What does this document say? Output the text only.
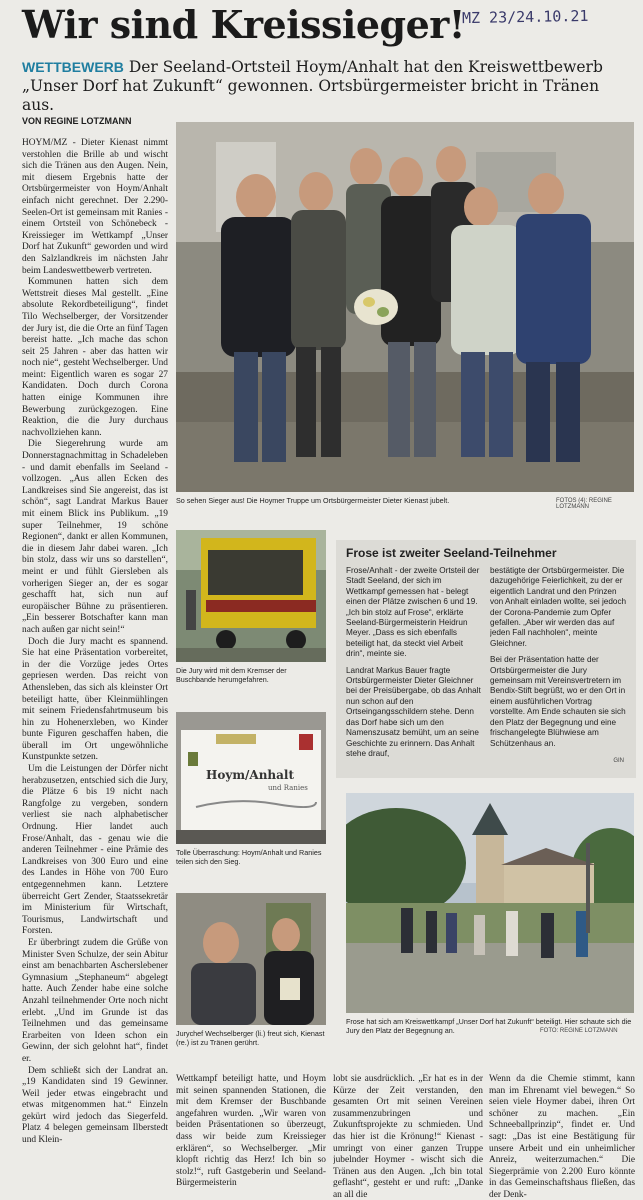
Wir sind Kreissieger!
MZ 23/24.10.21
WETTBEWERB Der Seeland-Ortsteil Hoym/Anhalt hat den Kreiswettbewerb „Unser Dorf hat Zukunft“ gewonnen. Ortsbürgermeister bricht in Tränen aus.
VON REGINE LOTZMANN

HOYM/MZ - Dieter Kienast nimmt verstohlen die Brille ab und wischt sich die Tränen aus den Augen. Nein, mit diesem Ergebnis hatte der Ortsbürgermeister von Hoym/Anhalt einfach nicht gerechnet. Der 2.290-Seelen-Ort ist gemeinsam mit Ranies - einem Ortsteil von Schönebeck - Kreissieger im Wettkampf „Unser Dorf hat Zukunft“ geworden und wird den Salzlandkreis im nächsten Jahr beim Landeswettbewerb vertreten.

Kommunen hatten sich dem Wettstreit dieses Mal gestellt. „Eine absolute Rekordbeteiligung“, findet Tilo Wechselberger, der Vorsitzender der Jury ist, die die Orte an fünf Tagen bereist hatte. „Ich mache das schon seit 25 Jahren - aber das hatten wir noch nie“, gesteht Wechselberger. Und meint: Eigentlich waren es sogar 27 Kandidaten. Doch durch Corona hatten einige Kommunen ihre Bewerbung zurückgezogen. Eine Reaktion, die die Jury durchaus nachvollziehen kann.

Die Siegerehrung wurde am Donnerstagnachmittag in Schadeleben - und damit ebenfalls im Seeland - vollzogen. „Aus allen Ecken des Landkreises sind Sie angereist, das ist schön“, sagt Landrat Markus Bauer mit einem Blick ins Publikum. „19 super Teilnehmer, 19 schöne Regionen“, dankt er allen Kommunen, die in diesem Jahr dabei waren. „Ich bin stolz, dass wir uns so darstellen“, meint er und fühlt Giersleben als vorherigen Sieger an, der es sogar geschafft hat, sich nun auf europäischer Bühne zu präsentieren. „Ein besserer Botschafter kann man nach außen gar nicht sein!“

Doch die Jury macht es spannend. Sie hat eine Präsentation vorbereitet, in der die Vorzüge jedes Ortes gepriesen werden. Das reicht von Athensleben, das sich als kleinster Ort beteiligt hatte, über Kleinmühlingen mit seinem Friedensfahrtmuseum bis hin zu Hohenerxleben, wo Kinder bunte Figuren geschaffen haben, die überall im Ort ungewöhnliche Kunstpunkte setzen.

Um die Leistungen der Dörfer nicht herabzusetzen, entschied sich die Jury, die Plätze 6 bis 19 nicht nach Rangfolge zu vergeben, sondern verliest sie nach alphabetischer Ordnung. Hier landet auch Frose/Anhalt, das - genau wie die anderen Teilnehmer - eine Prämie des Landkreises von 300 Euro und eine des Landes in Höhe von 700 Euro entgegennehmen kann. Letztere überreicht Gert Zender, Staatssekretär im Ministerium für Wirtschaft, Tourismus, Landwirtschaft und Forsten.

Er überbringt zudem die Grüße von Minister Sven Schulze, der sein Abitur einst am benachbarten Ascherslebener Gymnasium „Stephaneum“ abgelegt hatte. Auch Zender habe eine solche Anzahl teilnehmender Orte noch nicht erlebt. „Und im Grunde ist das Teilnehmen und das gemeinsame Erarbeiten von Ideen schon ein Gewinn, der sich gelohnt hat“, findet er.

Dem schließt sich der Landrat an. „19 Kandidaten sind 19 Gewinner. Weil jeder etwas eingebracht und etwas mitgenommen hat.“ Einzeln gekürt wird jedoch das Siegerfeld. Platz 4 belegen gemeinsam Ilberstedt und Klein-

So sehen Sieger aus! Die Hoymer Truppe um Ortsbürgermeister Dieter Kienast jubelt.	FOTOS (4): REGINE LOTZMANN
Die Jury wird mit dem Kremser der Buschbande herumgefahren.
Hoym/Anhalt
und Ranies
Tolle Überraschung: Hoym/Anhalt und Ranies teilen sich den Sieg.
Jurychef Wechselberger (li.) freut sich, Kienast (re.) ist zu Tränen gerührt.
Frose ist zweiter Seeland-Teilnehmer

Frose/Anhalt - der zweite Ortsteil der Stadt Seeland, der sich im Wettkampf gemessen hat - belegt einen der Plätze zwischen 6 und 19. „Ich bin stolz auf Frose“, erklärte Seeland-Bürgermeisterin Heidrun Meyer. „Dass es sich ebenfalls beteiligt hat, da steckt viel Arbeit drin“, meinte sie.

Landrat Markus Bauer fragte Ortsbürgermeister Dieter Gleichner bei der Preisübergabe, ob das Anhalt nun schon auf den Ortseingangsschildern stehe. Denn das Dorf habe sich um den Namenszusatz bemüht, um an seine Geschichte zu erinnern. Das Anhalt stehe drauf,

bestätigte der Ortsbürgermeister. Die dazugehörige Feierlichkeit, zu der er eigentlich Landrat und den Prinzen von Anhalt einladen wollte, sei jedoch der Corona-Pandemie zum Opfer gefallen. „Aber wir werden das auf jeden Fall nachholen“, meinte Gleichner.

Bei der Präsentation hatte der Ortsbürgermeister die Jury gemeinsam mit Vereinsvertretern im Bendix-Stift begrüßt, wo er den Ort in einem ausführlichen Vortrag vorstellte. Am Ende schauten sie sich den Platz der Begegnung und eine frischangelegte Blühwiese am Schützenhaus an.

GIN
Frose hat sich am Kreiswettkampf „Unser Dorf hat Zukunft“ beteiligt. Hier schaute sich die Jury den Platz der Begegnung an.	FOTO: REGINE LOTZMANN

Wettkampf beteiligt hatte, und Hoym mit seinen spannenden Stationen, die mit dem Kremser der Buschbande angefahren wurden. „Wir waren von beiden Präsentationen so überzeugt, dass wir beide zum Kreissieger erklären“, so Wechselberger. „Mir klopft richtig das Herz! Ich bin so stolz!“, ruft Gastgeberin und Seeland-Bürgermeisterin

lobt sie ausdrücklich. „Er hat es in der Kürze der Zeit verstanden, den gesamten Ort mit seinen Vereinen zusammenzubringen und Zukunftsprojekte zu schmieden. Und das hier ist die Krönung!“ Kienast - umringt von einer ganzen Truppe jubelnder Hoymer - wischt sich die Tränen aus den Augen. „Ich bin total geflasht“, gesteht er und ruft: „Danke an all die

Wenn da die Chemie stimmt, kann man im Ehrenamt viel bewegen.“ So seien viele Hoymer dabei, ihren Ort schöner zu machen. „Ein Schneeballprinzip“, findet er. Und sagt: „Das ist eine Bestätigung für unsere Arbeit und ein unheimlicher Anreiz, weiterzumachen.“ Die Siegerprämie von 2.200 Euro könnte in das Gemeinschaftshaus fließen, das der Denk-
